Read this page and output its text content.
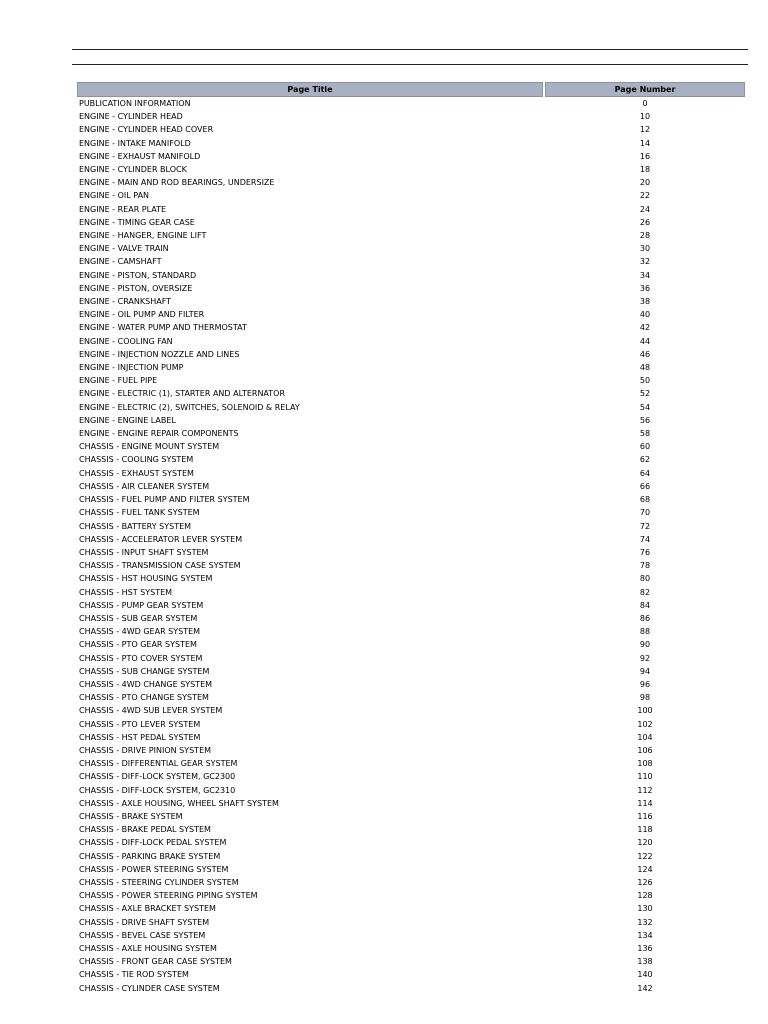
Page Title	Page Number
PUBLICATION INFORMATION	0
ENGINE - CYLINDER HEAD	10
ENGINE - CYLINDER HEAD COVER	12
ENGINE - INTAKE MANIFOLD	14
ENGINE - EXHAUST MANIFOLD	16
ENGINE - CYLINDER BLOCK	18
ENGINE - MAIN AND ROD BEARINGS, UNDERSIZE	20
ENGINE - OIL PAN	22
ENGINE - REAR PLATE	24
ENGINE - TIMING GEAR CASE	26
ENGINE - HANGER, ENGINE LIFT	28
ENGINE - VALVE TRAIN	30
ENGINE - CAMSHAFT	32
ENGINE - PISTON, STANDARD	34
ENGINE - PISTON, OVERSIZE	36
ENGINE - CRANKSHAFT	38
ENGINE - OIL PUMP AND FILTER	40
ENGINE - WATER PUMP AND THERMOSTAT	42
ENGINE - COOLING FAN	44
ENGINE - INJECTION NOZZLE AND LINES	46
ENGINE - INJECTION PUMP	48
ENGINE - FUEL PIPE	50
ENGINE - ELECTRIC (1), STARTER AND ALTERNATOR	52
ENGINE - ELECTRIC (2), SWITCHES, SOLENOID & RELAY	54
ENGINE - ENGINE LABEL	56
ENGINE - ENGINE REPAIR COMPONENTS	58
CHASSIS - ENGINE MOUNT SYSTEM	60
CHASSIS - COOLING SYSTEM	62
CHASSIS - EXHAUST SYSTEM	64
CHASSIS - AIR CLEANER SYSTEM	66
CHASSIS - FUEL PUMP AND FILTER SYSTEM	68
CHASSIS - FUEL TANK SYSTEM	70
CHASSIS - BATTERY SYSTEM	72
CHASSIS - ACCELERATOR LEVER SYSTEM	74
CHASSIS - INPUT SHAFT SYSTEM	76
CHASSIS - TRANSMISSION CASE SYSTEM	78
CHASSIS - HST HOUSING SYSTEM	80
CHASSIS - HST SYSTEM	82
CHASSIS - PUMP GEAR SYSTEM	84
CHASSIS - SUB GEAR SYSTEM	86
CHASSIS - 4WD GEAR SYSTEM	88
CHASSIS - PTO GEAR SYSTEM	90
CHASSIS - PTO COVER SYSTEM	92
CHASSIS - SUB CHANGE SYSTEM	94
CHASSIS - 4WD CHANGE SYSTEM	96
CHASSIS - PTO CHANGE SYSTEM	98
CHASSIS - 4WD SUB LEVER SYSTEM	100
CHASSIS - PTO LEVER SYSTEM	102
CHASSIS - HST PEDAL SYSTEM	104
CHASSIS - DRIVE PINION SYSTEM	106
CHASSIS - DIFFERENTIAL GEAR SYSTEM	108
CHASSIS - DIFF-LOCK SYSTEM, GC2300	110
CHASSIS - DIFF-LOCK SYSTEM, GC2310	112
CHASSIS - AXLE HOUSING, WHEEL SHAFT SYSTEM	114
CHASSIS - BRAKE SYSTEM	116
CHASSIS - BRAKE PEDAL SYSTEM	118
CHASSIS - DIFF-LOCK PEDAL SYSTEM	120
CHASSIS - PARKING BRAKE SYSTEM	122
CHASSIS - POWER STEERING SYSTEM	124
CHASSIS - STEERING CYLINDER SYSTEM	126
CHASSIS - POWER STEERING PIPING SYSTEM	128
CHASSIS - AXLE BRACKET SYSTEM	130
CHASSIS - DRIVE SHAFT SYSTEM	132
CHASSIS - BEVEL CASE SYSTEM	134
CHASSIS - AXLE HOUSING SYSTEM	136
CHASSIS - FRONT GEAR CASE SYSTEM	138
CHASSIS - TIE ROD SYSTEM	140
CHASSIS - CYLINDER CASE SYSTEM	142
